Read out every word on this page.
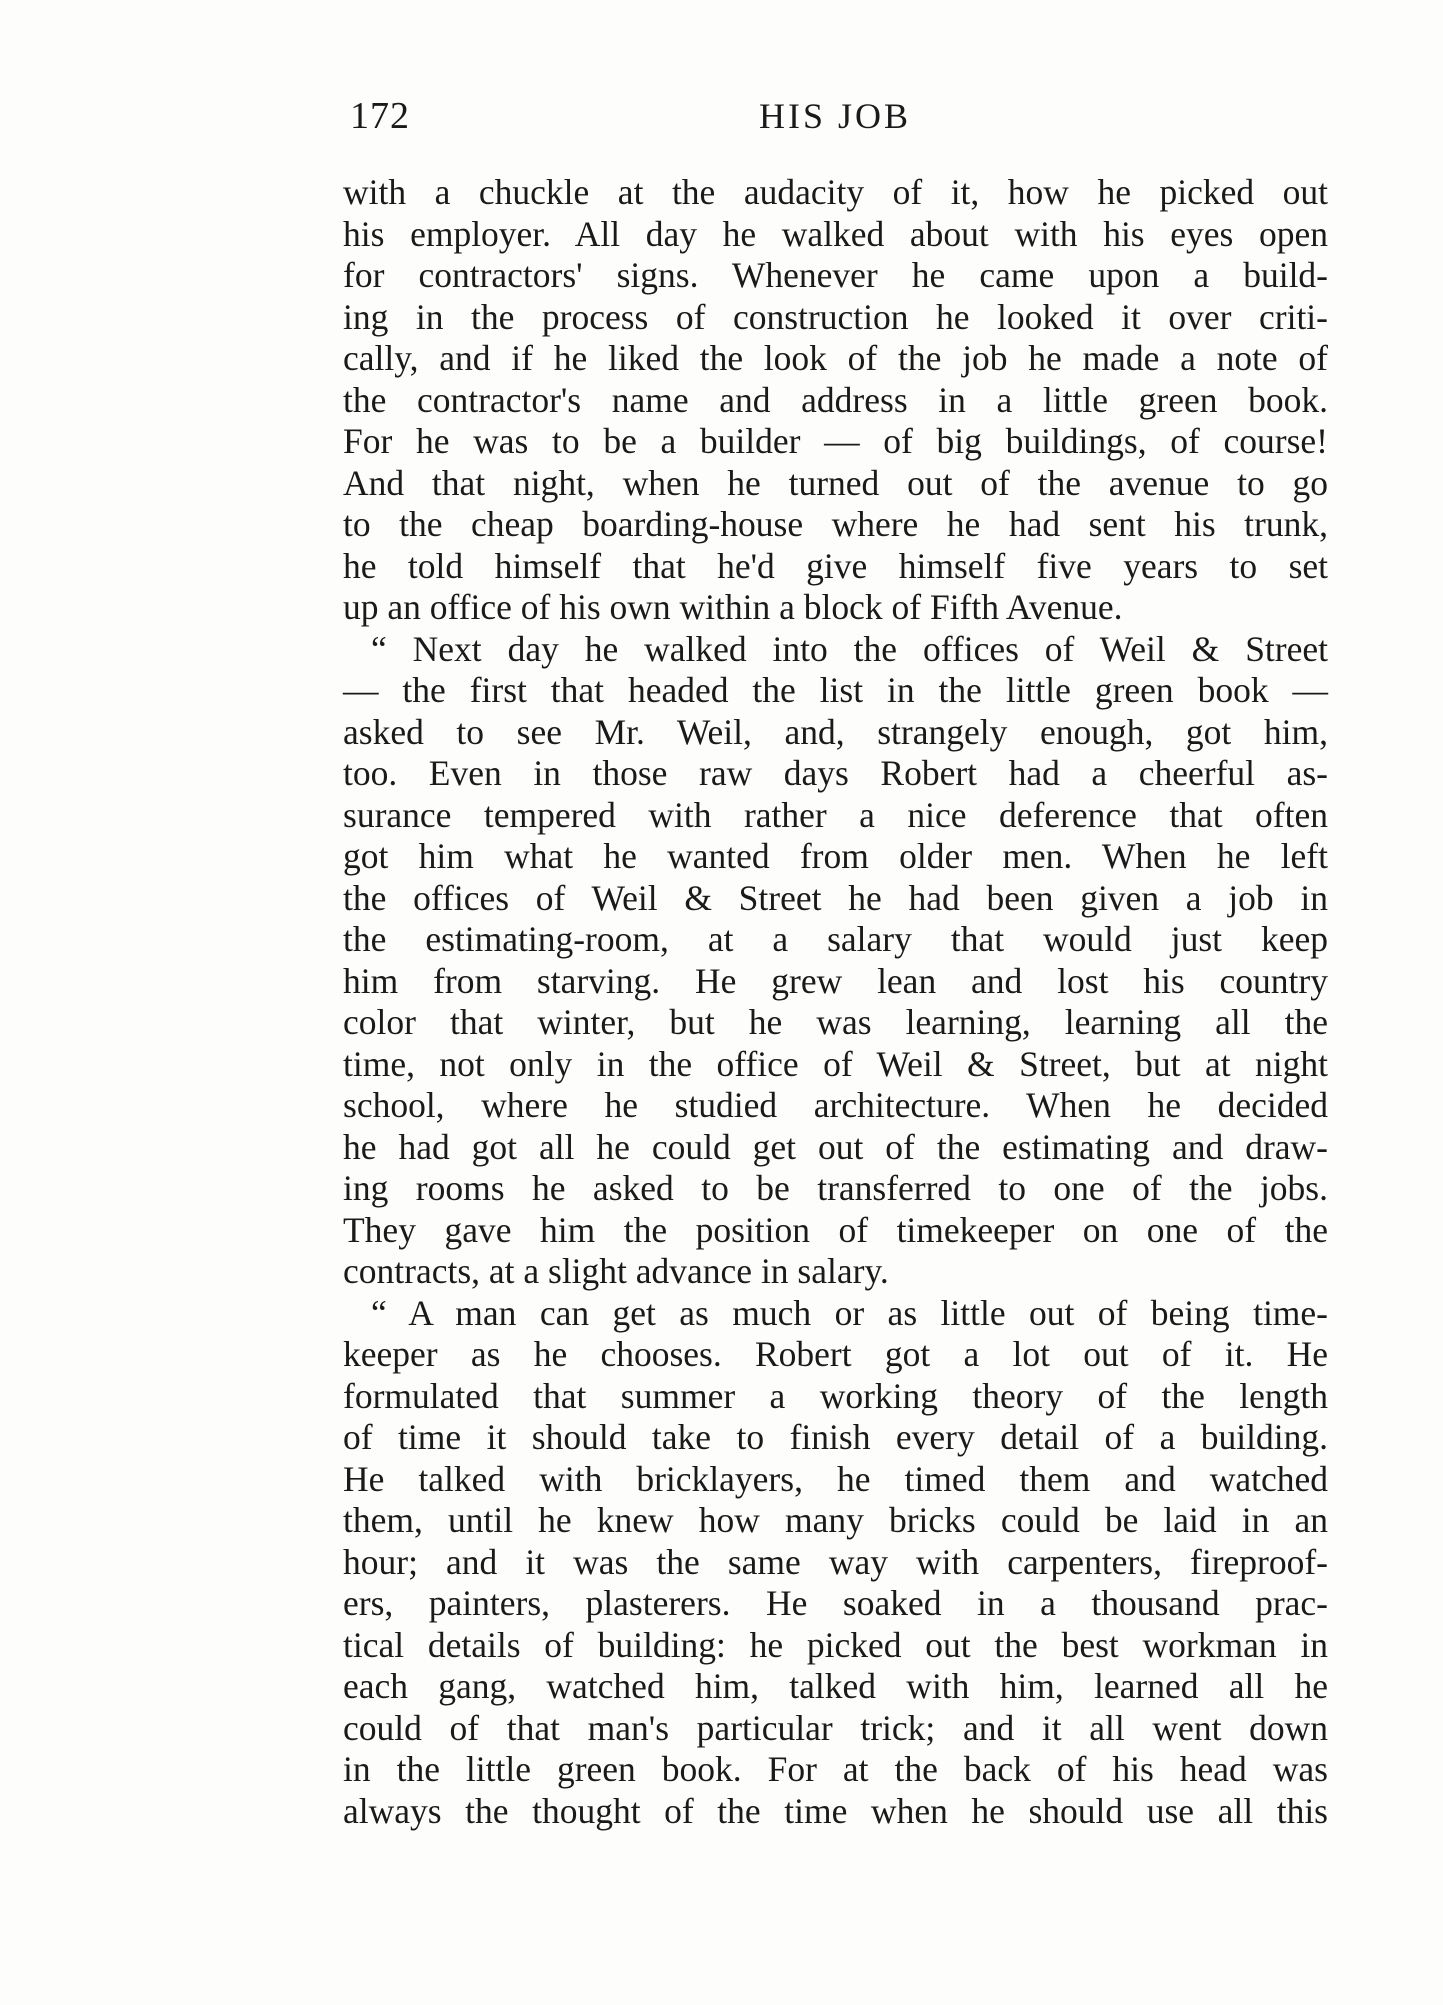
172	HIS JOB
with a chuckle at the audacity of it, how he picked out
his employer. All day he walked about with his eyes open
for contractors' signs. Whenever he came upon a build-
ing in the process of construction he looked it over criti-
cally, and if he liked the look of the job he made a note of
the contractor's name and address in a little green book.
For he was to be a builder — of big buildings, of course!
And that night, when he turned out of the avenue to go
to the cheap boarding-house where he had sent his trunk,
he told himself that he'd give himself five years to set
up an office of his own within a block of Fifth Avenue.
“ Next day he walked into the offices of Weil & Street
— the first that headed the list in the little green book —
asked to see Mr. Weil, and, strangely enough, got him,
too. Even in those raw days Robert had a cheerful as-
surance tempered with rather a nice deference that often
got him what he wanted from older men. When he left
the offices of Weil & Street he had been given a job in
the estimating-room, at a salary that would just keep
him from starving. He grew lean and lost his country
color that winter, but he was learning, learning all the
time, not only in the office of Weil & Street, but at night
school, where he studied architecture. When he decided
he had got all he could get out of the estimating and draw-
ing rooms he asked to be transferred to one of the jobs.
They gave him the position of timekeeper on one of the
contracts, at a slight advance in salary.
“ A man can get as much or as little out of being time-
keeper as he chooses. Robert got a lot out of it. He
formulated that summer a working theory of the length
of time it should take to finish every detail of a building.
He talked with bricklayers, he timed them and watched
them, until he knew how many bricks could be laid in an
hour; and it was the same way with carpenters, fireproof-
ers, painters, plasterers. He soaked in a thousand prac-
tical details of building: he picked out the best workman in
each gang, watched him, talked with him, learned all he
could of that man's particular trick; and it all went down
in the little green book. For at the back of his head was
always the thought of the time when he should use all this
